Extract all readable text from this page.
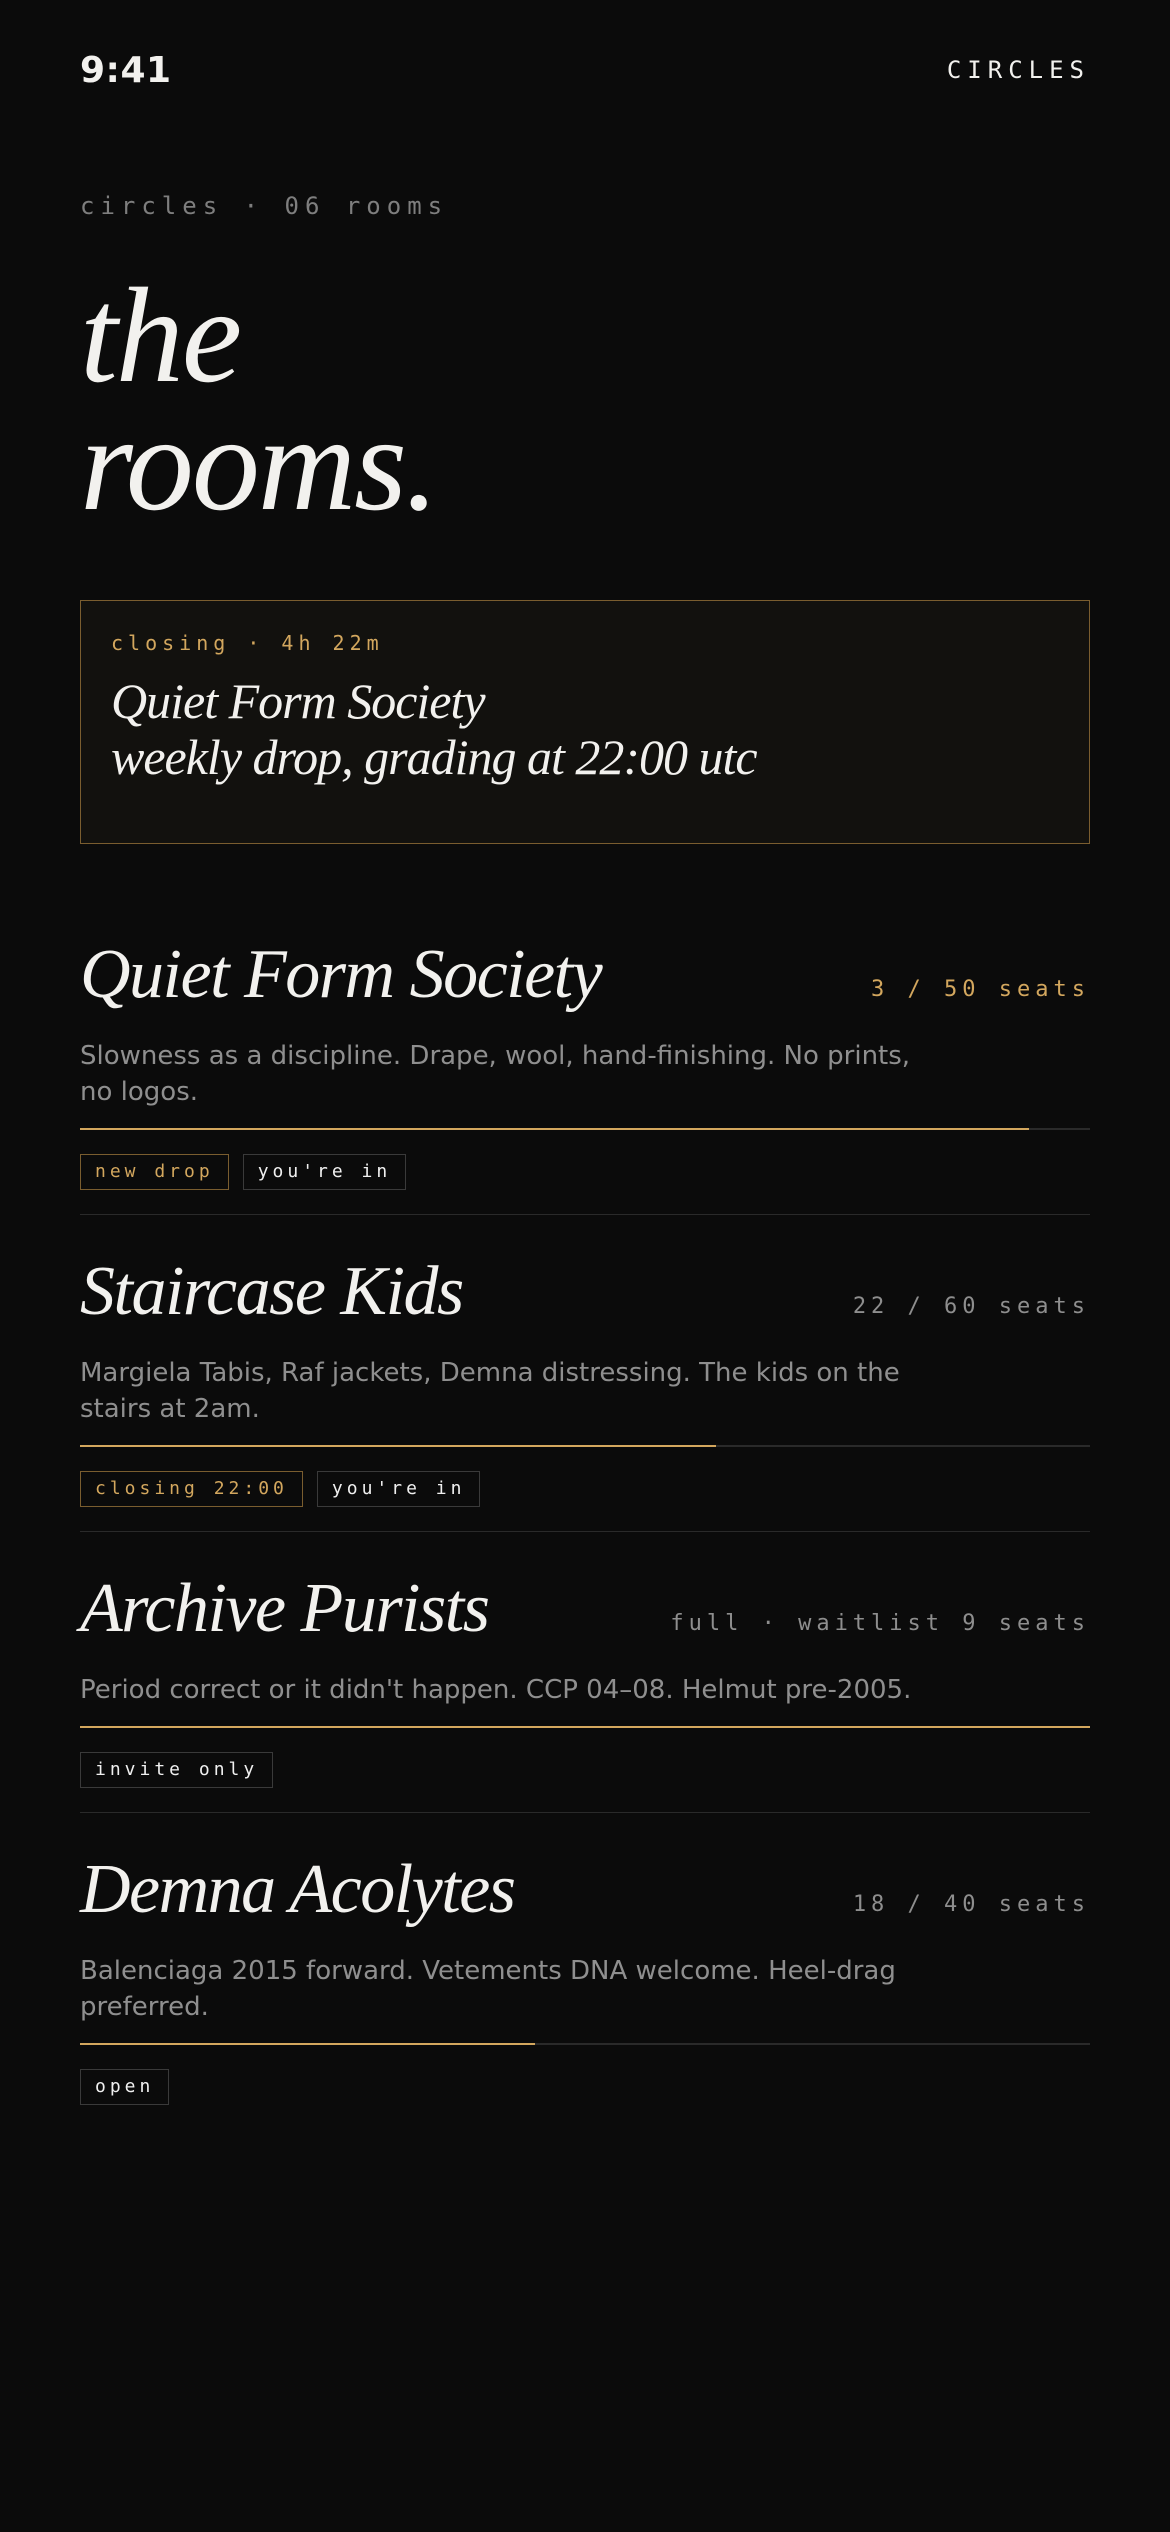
9:41	CIRCLES
circles · 06 rooms
the
rooms.
closing · 4h 22m
Quiet Form Society
weekly drop, grading at 22:00 utc
Quiet Form Society	3 / 50 seats
Slowness as a discipline. Drape, wool, hand-finishing. No prints, no logos.
new drop	you're in
Staircase Kids	22 / 60 seats
Margiela Tabis, Raf jackets, Demna distressing. The kids on the stairs at 2am.
closing 22:00	you're in
Archive Purists	full · waitlist 9 seats
Period correct or it didn't happen. CCP 04–08. Helmut pre-2005.
invite only
Demna Acolytes	18 / 40 seats
Balenciaga 2015 forward. Vetements DNA welcome. Heel-drag preferred.
open
